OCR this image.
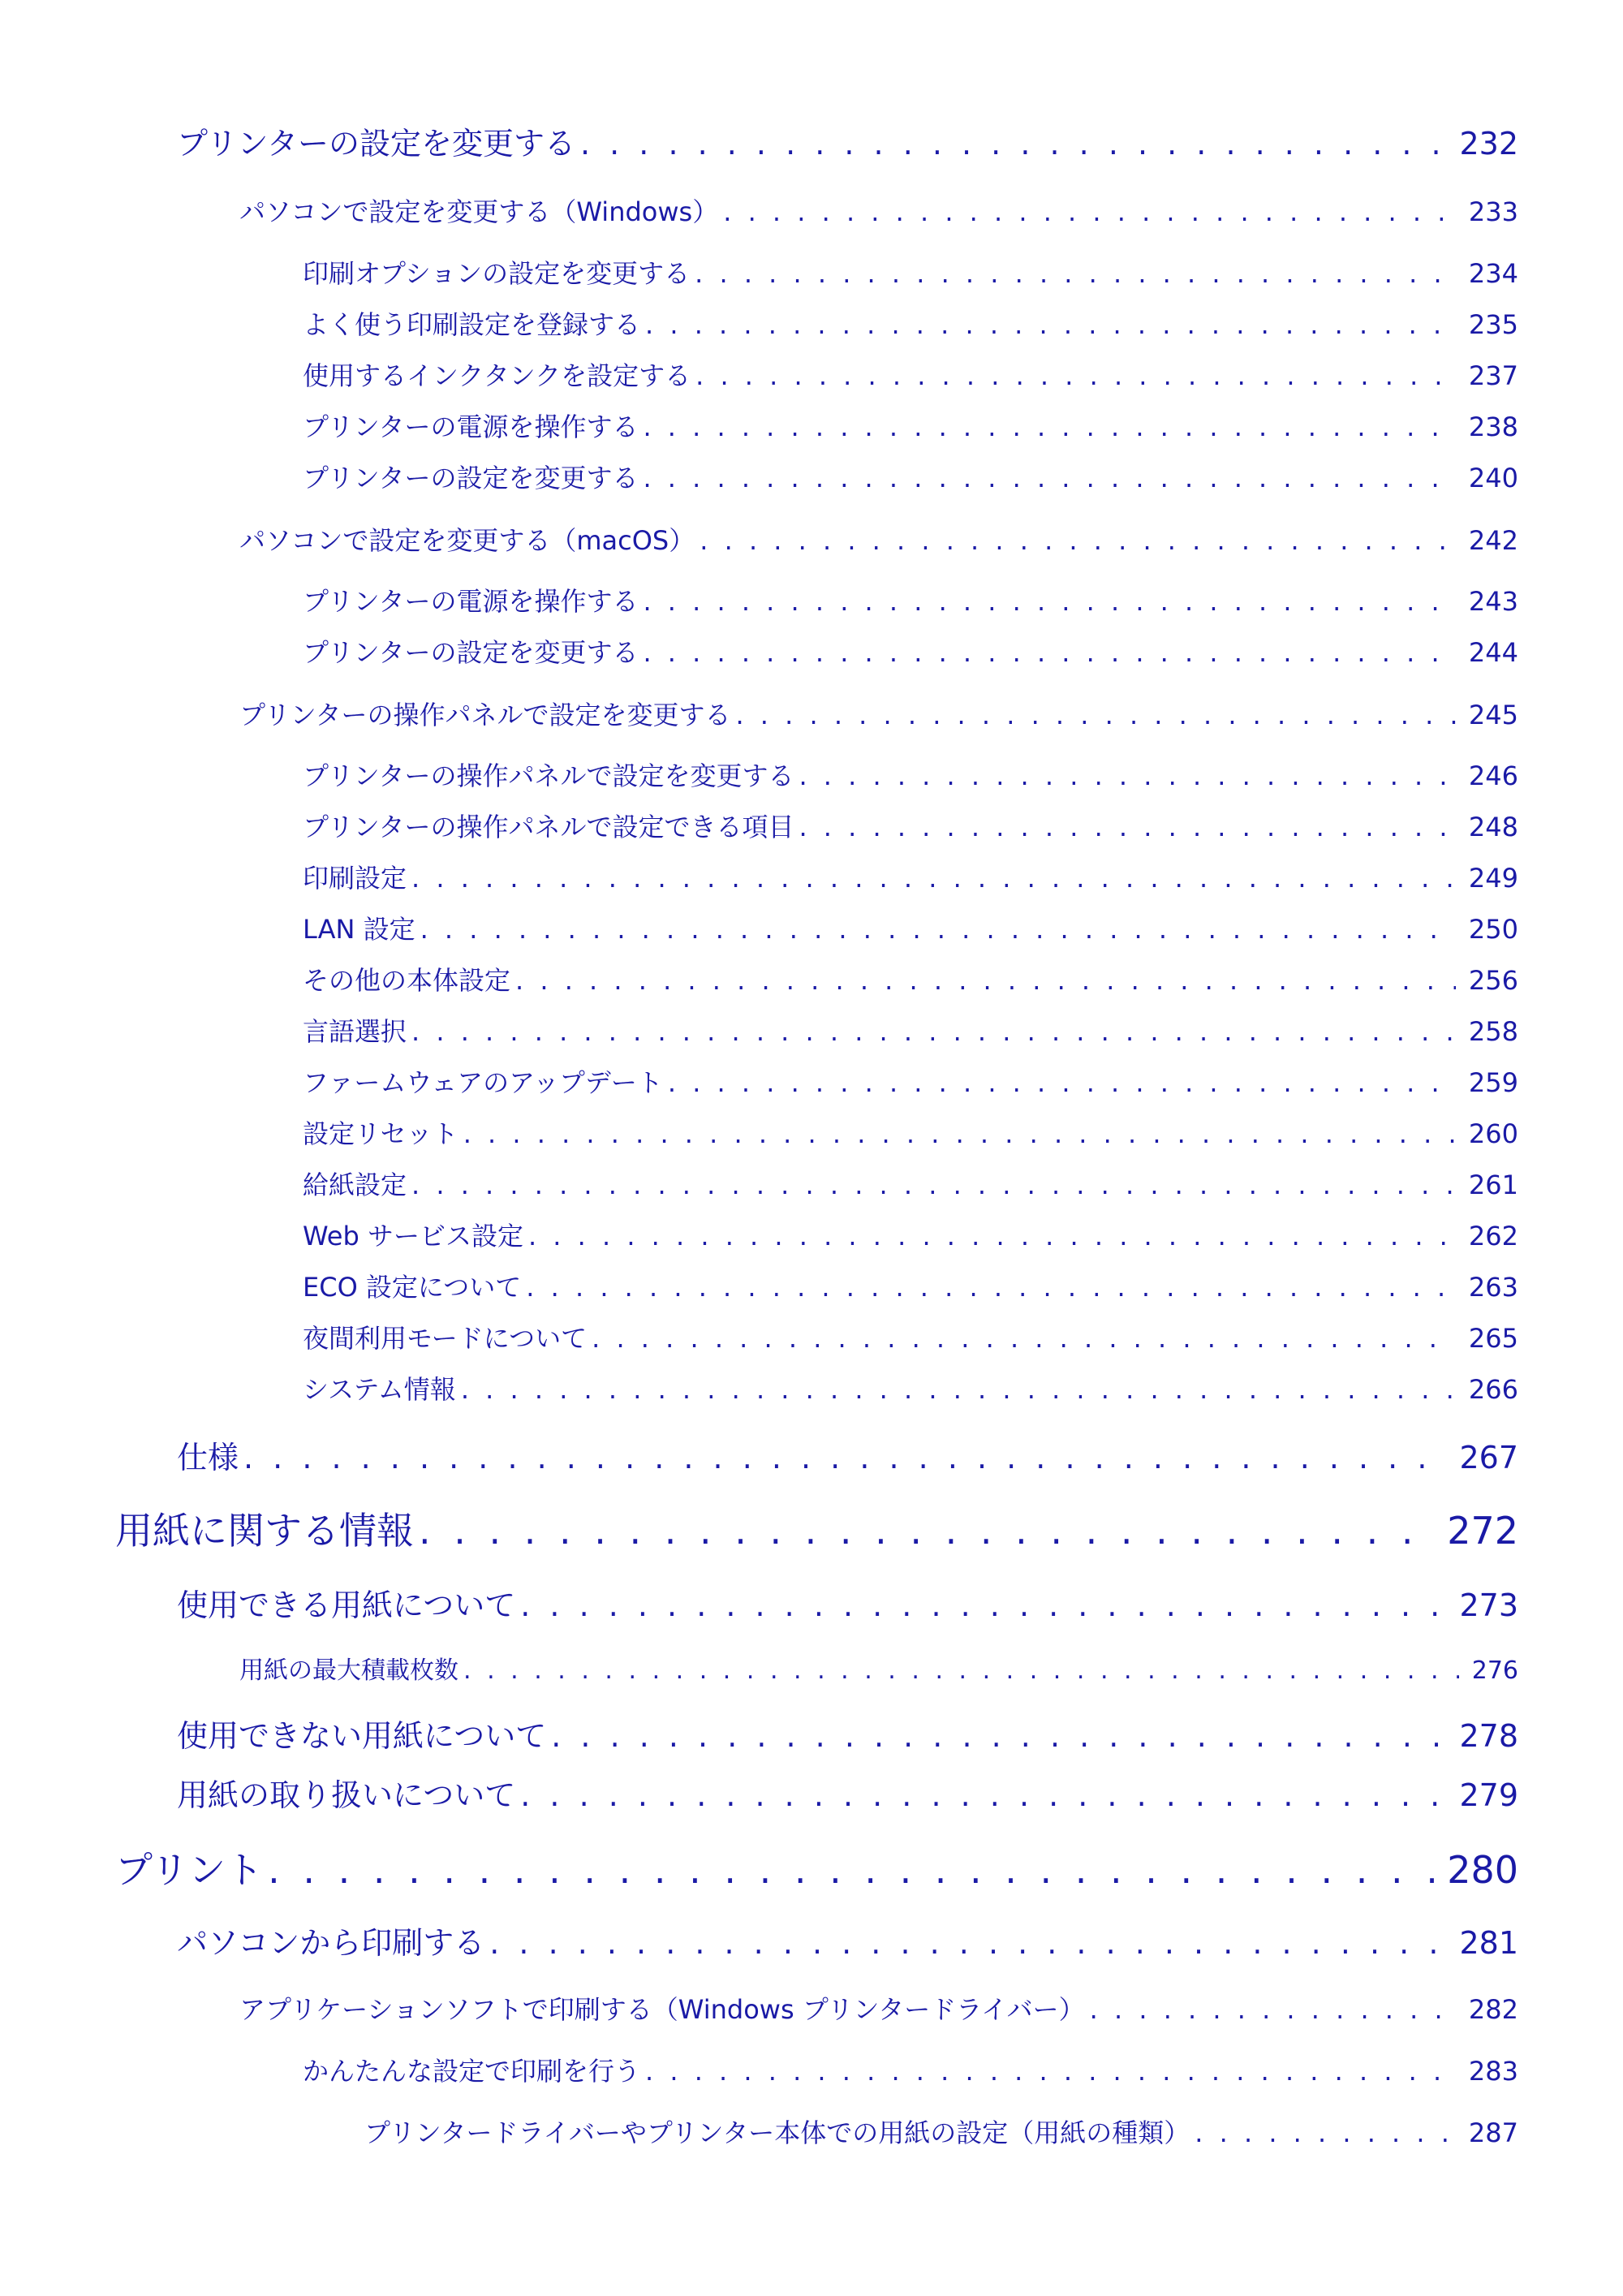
プリンターの設定を変更する . . .	232
パソコンで設定を変更する（Windows） . . .	233
印刷オプションの設定を変更する . . .	234
よく使う印刷設定を登録する . . .	235
使用するインクタンクを設定する . . .	237
プリンターの電源を操作する . . .	238
プリンターの設定を変更する . . .	240
パソコンで設定を変更する（macOS） . . .	242
プリンターの電源を操作する . . .	243
プリンターの設定を変更する . . .	244
プリンターの操作パネルで設定を変更する . . .	245
プリンターの操作パネルで設定を変更する . . .	246
プリンターの操作パネルで設定できる項目 . . .	248
印刷設定 . . .	249
LAN 設定 . . .	250
その他の本体設定 . . .	256
言語選択 . . .	258
ファームウェアのアップデート . . .	259
設定リセット . . .	260
給紙設定 . . .	261
Web サービス設定 . . .	262
ECO 設定について . . .	263
夜間利用モードについて . . .	265
システム情報 . . .	266
仕様 . . .	267
用紙に関する情報 . . .	272
使用できる用紙について . . .	273
用紙の最大積載枚数 . . .	276
使用できない用紙について . . .	278
用紙の取り扱いについて . . .	279
プリント . . .	280
パソコンから印刷する . . .	281
アプリケーションソフトで印刷する（Windows プリンタードライバー） . . .	282
かんたんな設定で印刷を行う . . .	283
プリンタードライバーやプリンター本体での用紙の設定（用紙の種類） . . .	287
